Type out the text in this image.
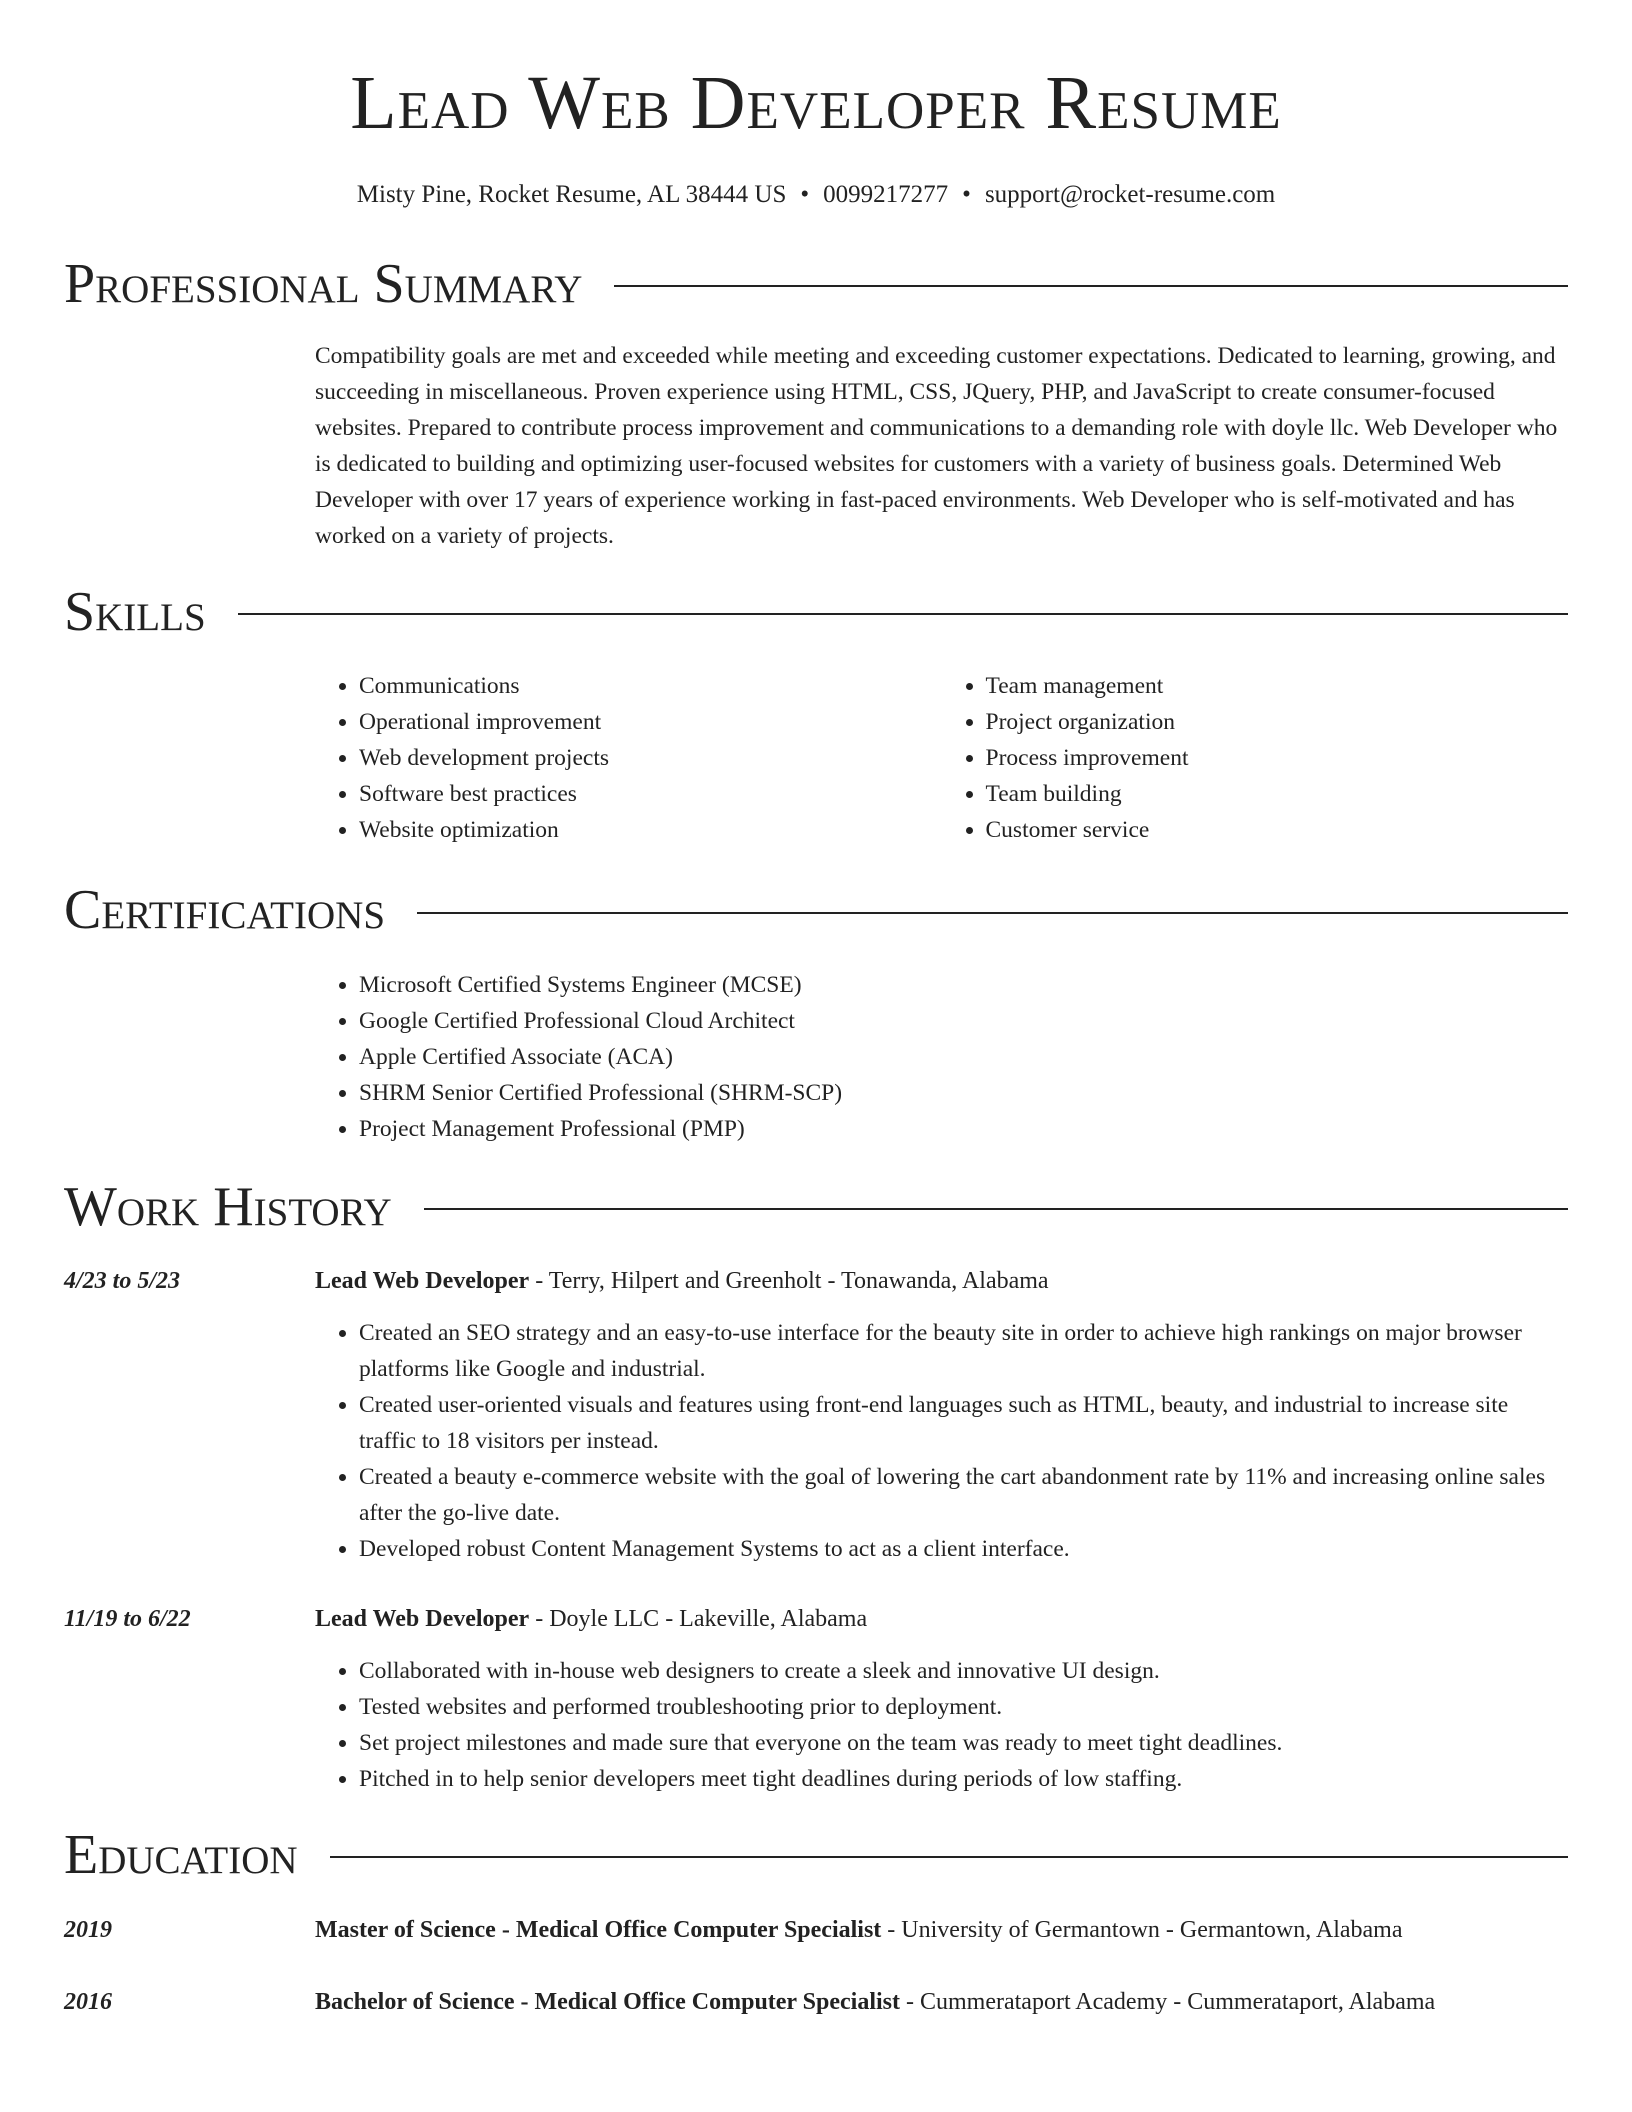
Lead Web Developer Resume
Misty Pine, Rocket Resume, AL 38444 US • 0099217277 • support@rocket-resume.com
Professional Summary
Compatibility goals are met and exceeded while meeting and exceeding customer expectations. Dedicated to learning, growing, and succeeding in miscellaneous. Proven experience using HTML, CSS, JQuery, PHP, and JavaScript to create consumer-focused websites. Prepared to contribute process improvement and communications to a demanding role with doyle llc. Web Developer who is dedicated to building and optimizing user-focused websites for customers with a variety of business goals. Determined Web Developer with over 17 years of experience working in fast-paced environments. Web Developer who is self-motivated and has worked on a variety of projects.
Skills
• Communications
• Operational improvement
• Web development projects
• Software best practices
• Website optimization
• Team management
• Project organization
• Process improvement
• Team building
• Customer service
Certifications
• Microsoft Certified Systems Engineer (MCSE)
• Google Certified Professional Cloud Architect
• Apple Certified Associate (ACA)
• SHRM Senior Certified Professional (SHRM-SCP)
• Project Management Professional (PMP)
Work History
4/23 to 5/23	Lead Web Developer - Terry, Hilpert and Greenholt - Tonawanda, Alabama
• Created an SEO strategy and an easy-to-use interface for the beauty site in order to achieve high rankings on major browser platforms like Google and industrial.
• Created user-oriented visuals and features using front-end languages such as HTML, beauty, and industrial to increase site traffic to 18 visitors per instead.
• Created a beauty e-commerce website with the goal of lowering the cart abandonment rate by 11% and increasing online sales after the go-live date.
• Developed robust Content Management Systems to act as a client interface.
11/19 to 6/22	Lead Web Developer - Doyle LLC - Lakeville, Alabama
• Collaborated with in-house web designers to create a sleek and innovative UI design.
• Tested websites and performed troubleshooting prior to deployment.
• Set project milestones and made sure that everyone on the team was ready to meet tight deadlines.
• Pitched in to help senior developers meet tight deadlines during periods of low staffing.
Education
2019	Master of Science - Medical Office Computer Specialist - University of Germantown - Germantown, Alabama
2016	Bachelor of Science - Medical Office Computer Specialist - Cummerataport Academy - Cummerataport, Alabama
